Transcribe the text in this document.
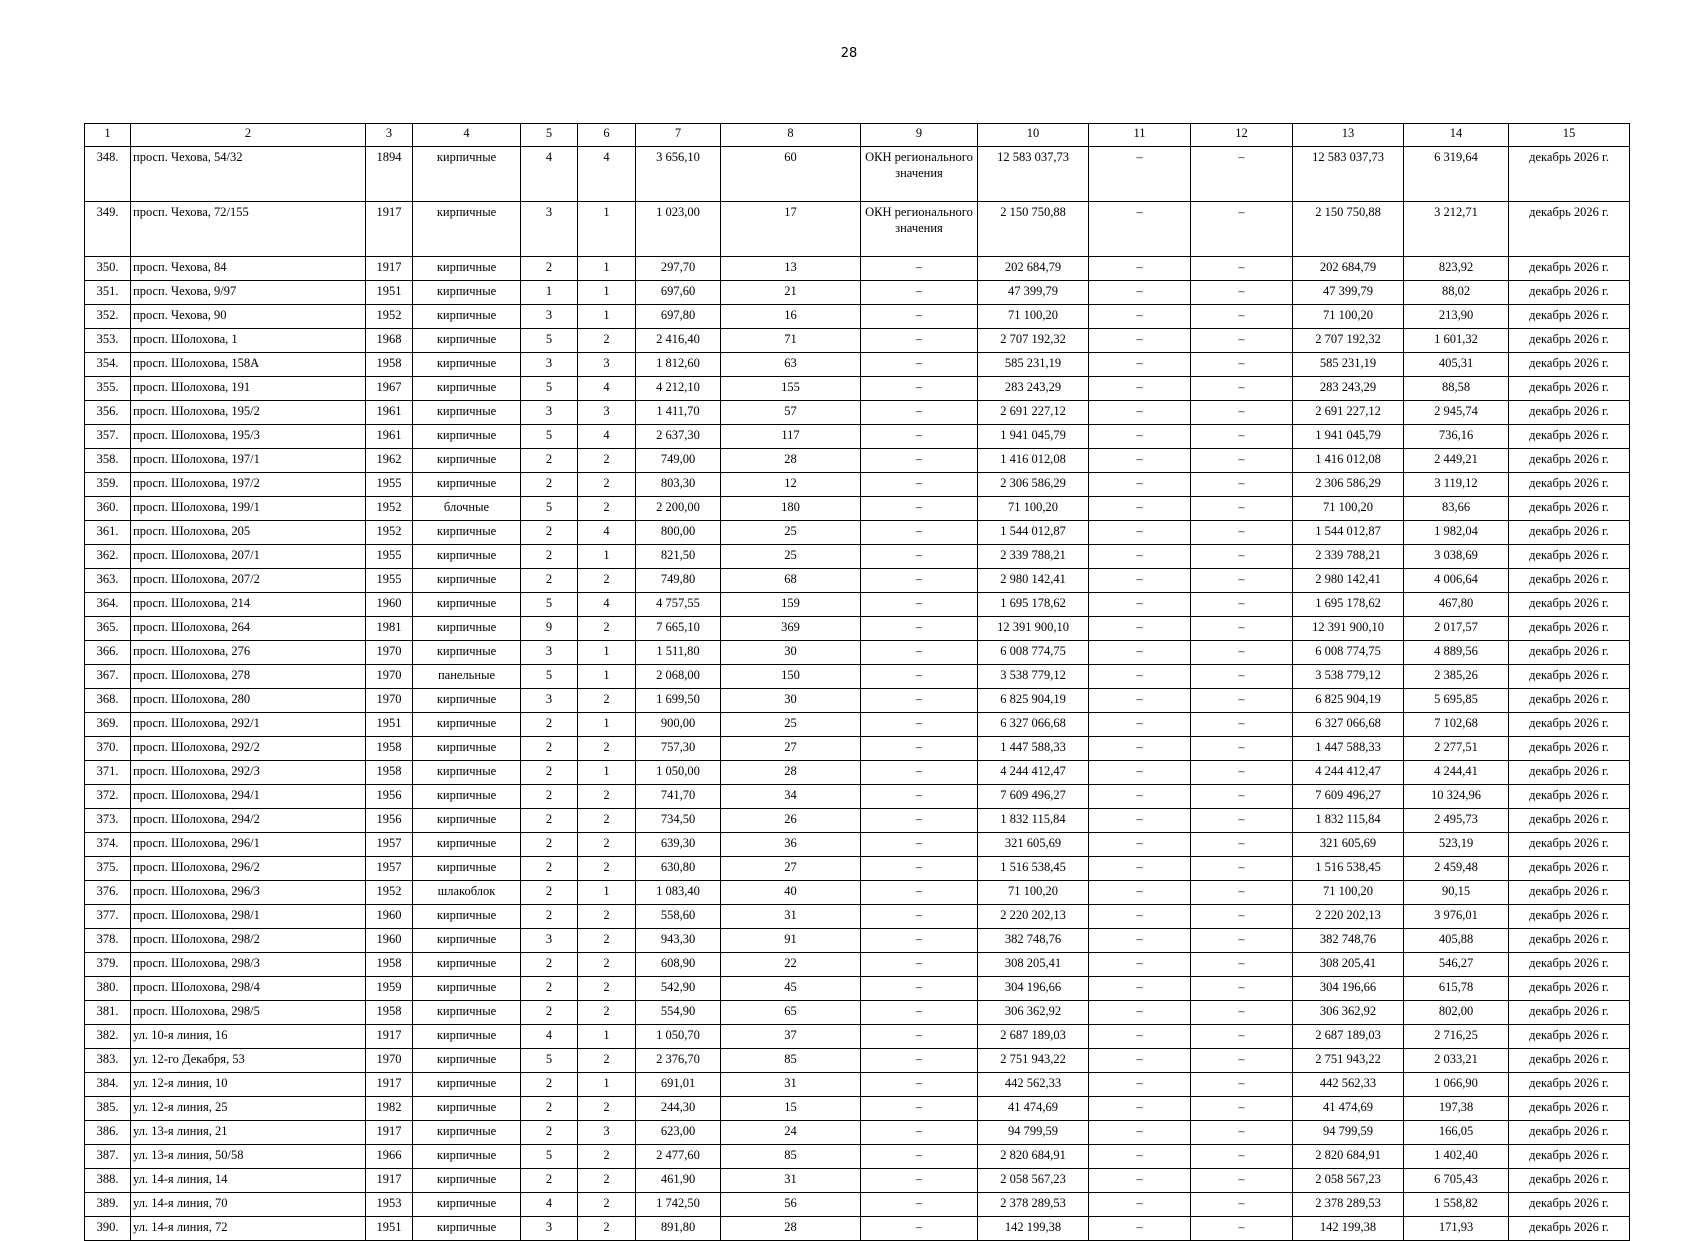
28
1	2	3	4	5	6	7	8	9	10	11	12	13	14	15
348.	просп. Чехова, 54/32	1894	кирпичные	4	4	3 656,10	60	ОКН регионального значения	12 583 037,73	–	–	12 583 037,73	6 319,64	декабрь 2026 г.
349.	просп. Чехова, 72/155	1917	кирпичные	3	1	1 023,00	17	ОКН регионального значения	2 150 750,88	–	–	2 150 750,88	3 212,71	декабрь 2026 г.
350.	просп. Чехова, 84	1917	кирпичные	2	1	297,70	13	–	202 684,79	–	–	202 684,79	823,92	декабрь 2026 г.
351.	просп. Чехова, 9/97	1951	кирпичные	1	1	697,60	21	–	47 399,79	–	–	47 399,79	88,02	декабрь 2026 г.
352.	просп. Чехова, 90	1952	кирпичные	3	1	697,80	16	–	71 100,20	–	–	71 100,20	213,90	декабрь 2026 г.
353.	просп. Шолохова, 1	1968	кирпичные	5	2	2 416,40	71	–	2 707 192,32	–	–	2 707 192,32	1 601,32	декабрь 2026 г.
354.	просп. Шолохова, 158А	1958	кирпичные	3	3	1 812,60	63	–	585 231,19	–	–	585 231,19	405,31	декабрь 2026 г.
355.	просп. Шолохова, 191	1967	кирпичные	5	4	4 212,10	155	–	283 243,29	–	–	283 243,29	88,58	декабрь 2026 г.
356.	просп. Шолохова, 195/2	1961	кирпичные	3	3	1 411,70	57	–	2 691 227,12	–	–	2 691 227,12	2 945,74	декабрь 2026 г.
357.	просп. Шолохова, 195/3	1961	кирпичные	5	4	2 637,30	117	–	1 941 045,79	–	–	1 941 045,79	736,16	декабрь 2026 г.
358.	просп. Шолохова, 197/1	1962	кирпичные	2	2	749,00	28	–	1 416 012,08	–	–	1 416 012,08	2 449,21	декабрь 2026 г.
359.	просп. Шолохова, 197/2	1955	кирпичные	2	2	803,30	12	–	2 306 586,29	–	–	2 306 586,29	3 119,12	декабрь 2026 г.
360.	просп. Шолохова, 199/1	1952	блочные	5	2	2 200,00	180	–	71 100,20	–	–	71 100,20	83,66	декабрь 2026 г.
361.	просп. Шолохова, 205	1952	кирпичные	2	4	800,00	25	–	1 544 012,87	–	–	1 544 012,87	1 982,04	декабрь 2026 г.
362.	просп. Шолохова, 207/1	1955	кирпичные	2	1	821,50	25	–	2 339 788,21	–	–	2 339 788,21	3 038,69	декабрь 2026 г.
363.	просп. Шолохова, 207/2	1955	кирпичные	2	2	749,80	68	–	2 980 142,41	–	–	2 980 142,41	4 006,64	декабрь 2026 г.
364.	просп. Шолохова, 214	1960	кирпичные	5	4	4 757,55	159	–	1 695 178,62	–	–	1 695 178,62	467,80	декабрь 2026 г.
365.	просп. Шолохова, 264	1981	кирпичные	9	2	7 665,10	369	–	12 391 900,10	–	–	12 391 900,10	2 017,57	декабрь 2026 г.
366.	просп. Шолохова, 276	1970	кирпичные	3	1	1 511,80	30	–	6 008 774,75	–	–	6 008 774,75	4 889,56	декабрь 2026 г.
367.	просп. Шолохова, 278	1970	панельные	5	1	2 068,00	150	–	3 538 779,12	–	–	3 538 779,12	2 385,26	декабрь 2026 г.
368.	просп. Шолохова, 280	1970	кирпичные	3	2	1 699,50	30	–	6 825 904,19	–	–	6 825 904,19	5 695,85	декабрь 2026 г.
369.	просп. Шолохова, 292/1	1951	кирпичные	2	1	900,00	25	–	6 327 066,68	–	–	6 327 066,68	7 102,68	декабрь 2026 г.
370.	просп. Шолохова, 292/2	1958	кирпичные	2	2	757,30	27	–	1 447 588,33	–	–	1 447 588,33	2 277,51	декабрь 2026 г.
371.	просп. Шолохова, 292/3	1958	кирпичные	2	1	1 050,00	28	–	4 244 412,47	–	–	4 244 412,47	4 244,41	декабрь 2026 г.
372.	просп. Шолохова, 294/1	1956	кирпичные	2	2	741,70	34	–	7 609 496,27	–	–	7 609 496,27	10 324,96	декабрь 2026 г.
373.	просп. Шолохова, 294/2	1956	кирпичные	2	2	734,50	26	–	1 832 115,84	–	–	1 832 115,84	2 495,73	декабрь 2026 г.
374.	просп. Шолохова, 296/1	1957	кирпичные	2	2	639,30	36	–	321 605,69	–	–	321 605,69	523,19	декабрь 2026 г.
375.	просп. Шолохова, 296/2	1957	кирпичные	2	2	630,80	27	–	1 516 538,45	–	–	1 516 538,45	2 459,48	декабрь 2026 г.
376.	просп. Шолохова, 296/3	1952	шлакоблок	2	1	1 083,40	40	–	71 100,20	–	–	71 100,20	90,15	декабрь 2026 г.
377.	просп. Шолохова, 298/1	1960	кирпичные	2	2	558,60	31	–	2 220 202,13	–	–	2 220 202,13	3 976,01	декабрь 2026 г.
378.	просп. Шолохова, 298/2	1960	кирпичные	3	2	943,30	91	–	382 748,76	–	–	382 748,76	405,88	декабрь 2026 г.
379.	просп. Шолохова, 298/3	1958	кирпичные	2	2	608,90	22	–	308 205,41	–	–	308 205,41	546,27	декабрь 2026 г.
380.	просп. Шолохова, 298/4	1959	кирпичные	2	2	542,90	45	–	304 196,66	–	–	304 196,66	615,78	декабрь 2026 г.
381.	просп. Шолохова, 298/5	1958	кирпичные	2	2	554,90	65	–	306 362,92	–	–	306 362,92	802,00	декабрь 2026 г.
382.	ул. 10-я линия, 16	1917	кирпичные	4	1	1 050,70	37	–	2 687 189,03	–	–	2 687 189,03	2 716,25	декабрь 2026 г.
383.	ул. 12-го Декабря, 53	1970	кирпичные	5	2	2 376,70	85	–	2 751 943,22	–	–	2 751 943,22	2 033,21	декабрь 2026 г.
384.	ул. 12-я линия, 10	1917	кирпичные	2	1	691,01	31	–	442 562,33	–	–	442 562,33	1 066,90	декабрь 2026 г.
385.	ул. 12-я линия, 25	1982	кирпичные	2	2	244,30	15	–	41 474,69	–	–	41 474,69	197,38	декабрь 2026 г.
386.	ул. 13-я линия, 21	1917	кирпичные	2	3	623,00	24	–	94 799,59	–	–	94 799,59	166,05	декабрь 2026 г.
387.	ул. 13-я линия, 50/58	1966	кирпичные	5	2	2 477,60	85	–	2 820 684,91	–	–	2 820 684,91	1 402,40	декабрь 2026 г.
388.	ул. 14-я линия, 14	1917	кирпичные	2	2	461,90	31	–	2 058 567,23	–	–	2 058 567,23	6 705,43	декабрь 2026 г.
389.	ул. 14-я линия, 70	1953	кирпичные	4	2	1 742,50	56	–	2 378 289,53	–	–	2 378 289,53	1 558,82	декабрь 2026 г.
390.	ул. 14-я линия, 72	1951	кирпичные	3	2	891,80	28	–	142 199,38	–	–	142 199,38	171,93	декабрь 2026 г.
